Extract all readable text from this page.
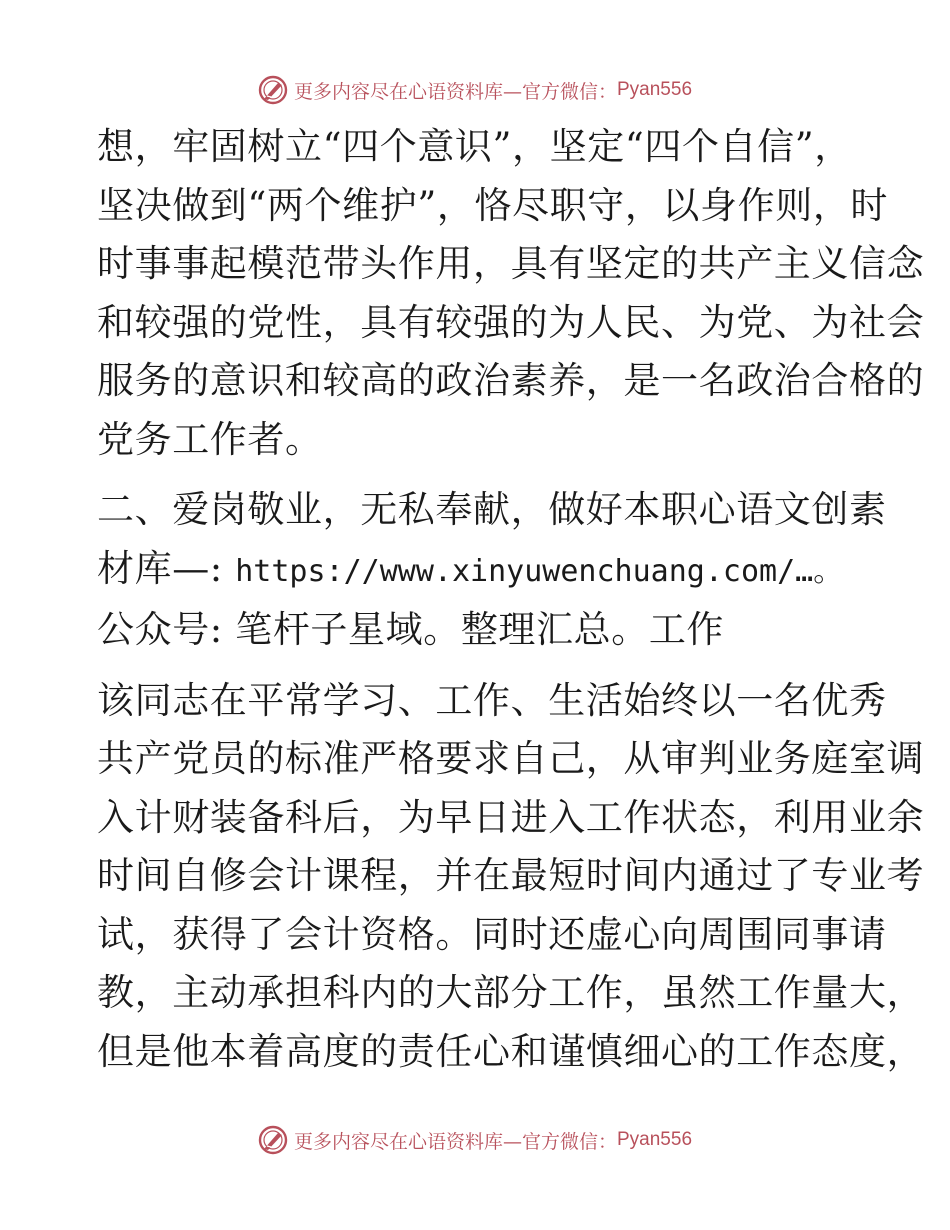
更多内容尽在心语资料库—官方微信： Pyan556
想，牢固树立“四个意识”，坚定“四个自信”，
坚决做到“两个维护”，恪尽职守，以身作则，时
时事事起模范带头作用，具有坚定的共产主义信念
和较强的党性，具有较强的为人民、为党、为社会
服务的意识和较高的政治素养，是一名政治合格的
党务工作者。
二、爱岗敬业，无私奉献，做好本职心语文创素
材库—: https://www.xinyuwenchuang.com/…。
公众号: 笔杆子星域。整理汇总。工作
该同志在平常学习、工作、生活始终以一名优秀
共产党员的标准严格要求自己，从审判业务庭室调
入计财装备科后，为早日进入工作状态，利用业余
时间自修会计课程，并在最短时间内通过了专业考
试，获得了会计资格。同时还虚心向周围同事请
教，主动承担科内的大部分工作，虽然工作量大，
但是他本着高度的责任心和谨慎细心的工作态度，
更多内容尽在心语资料库—官方微信： Pyan556
